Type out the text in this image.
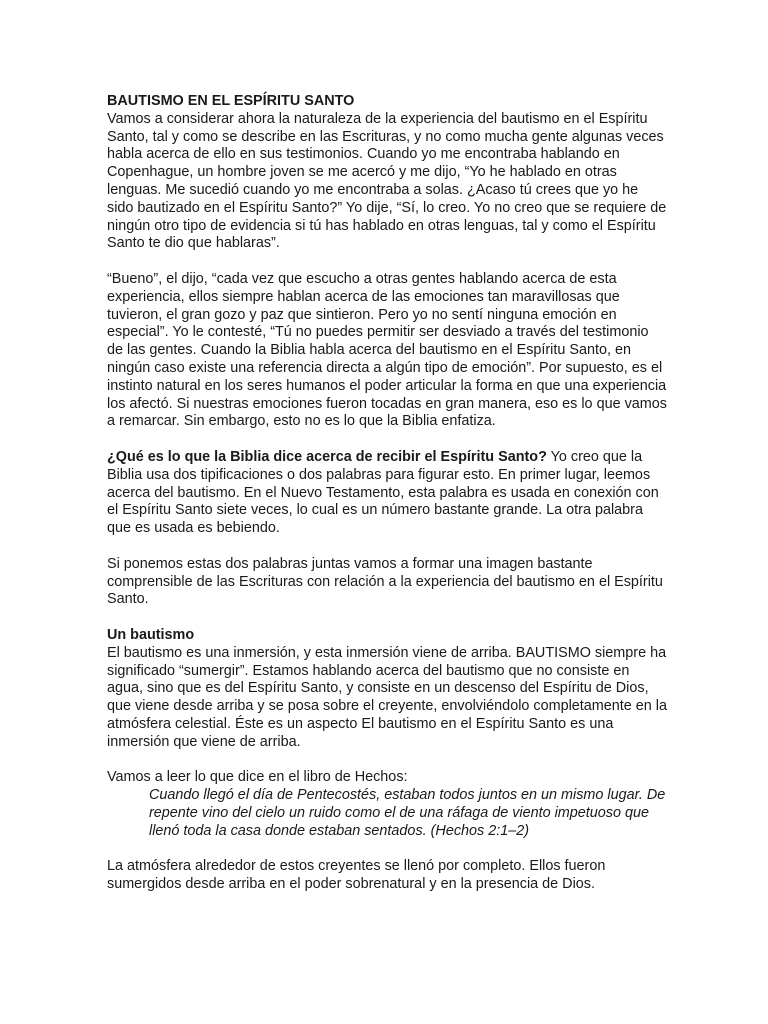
BAUTISMO EN EL ESPÍRITU SANTO
Vamos a considerar ahora la naturaleza de la experiencia del bautismo en el Espíritu Santo, tal y como se describe en las Escrituras, y no como mucha gente algunas veces habla acerca de ello en sus testimonios. Cuando yo me encontraba hablando en Copenhague, un hombre joven se me acercó y me dijo, “Yo he hablado en otras lenguas. Me sucedió cuando yo me encontraba a solas. ¿Acaso tú crees que yo he sido bautizado en el Espíritu Santo?” Yo dije, “Sí, lo creo. Yo no creo que se requiere de ningún otro tipo de evidencia si tú has hablado en otras lenguas, tal y como el Espíritu Santo te dio que hablaras”.

“Bueno”, el dijo, “cada vez que escucho a otras gentes hablando acerca de esta experiencia, ellos siempre hablan acerca de las emociones tan maravillosas que tuvieron, el gran gozo y paz que sintieron. Pero yo no sentí ninguna emoción en especial”. Yo le contesté, “Tú no puedes permitir ser desviado a través del testimonio de las gentes. Cuando la Biblia habla acerca del bautismo en el Espíritu Santo, en ningún caso existe una referencia directa a algún tipo de emoción”. Por supuesto, es el instinto natural en los seres humanos el poder articular la forma en que una experiencia los afectó. Si nuestras emociones fueron tocadas en gran manera, eso es lo que vamos a remarcar. Sin embargo, esto no es lo que la Biblia enfatiza.

¿Qué es lo que la Biblia dice acerca de recibir el Espíritu Santo? Yo creo que la Biblia usa dos tipificaciones o dos palabras para figurar esto. En primer lugar, leemos acerca del bautismo. En el Nuevo Testamento, esta palabra es usada en conexión con el Espíritu Santo siete veces, lo cual es un número bastante grande. La otra palabra que es usada es bebiendo.

Si ponemos estas dos palabras juntas vamos a formar una imagen bastante comprensible de las Escrituras con relación a la experiencia del bautismo en el Espíritu Santo.

Un bautismo
El bautismo es una inmersión, y esta inmersión viene de arriba. BAUTISMO siempre ha significado “sumergir”. Estamos hablando acerca del bautismo que no consiste en agua, sino que es del Espíritu Santo, y consiste en un descenso del Espíritu de Dios, que viene desde arriba y se posa sobre el creyente, envolviéndolo completamente en la atmósfera celestial. Éste es un aspecto El bautismo en el Espíritu Santo es una inmersión que viene de arriba.

Vamos a leer lo que dice en el libro de Hechos:

Cuando llegó el día de Pentecostés, estaban todos juntos en un mismo lugar. De repente vino del cielo un ruido como el de una ráfaga de viento impetuoso que llenó toda la casa donde estaban sentados. (Hechos 2:1–2)

La atmósfera alrededor de estos creyentes se llenó por completo. Ellos fueron sumergidos desde arriba en el poder sobrenatural y en la presencia de Dios.
